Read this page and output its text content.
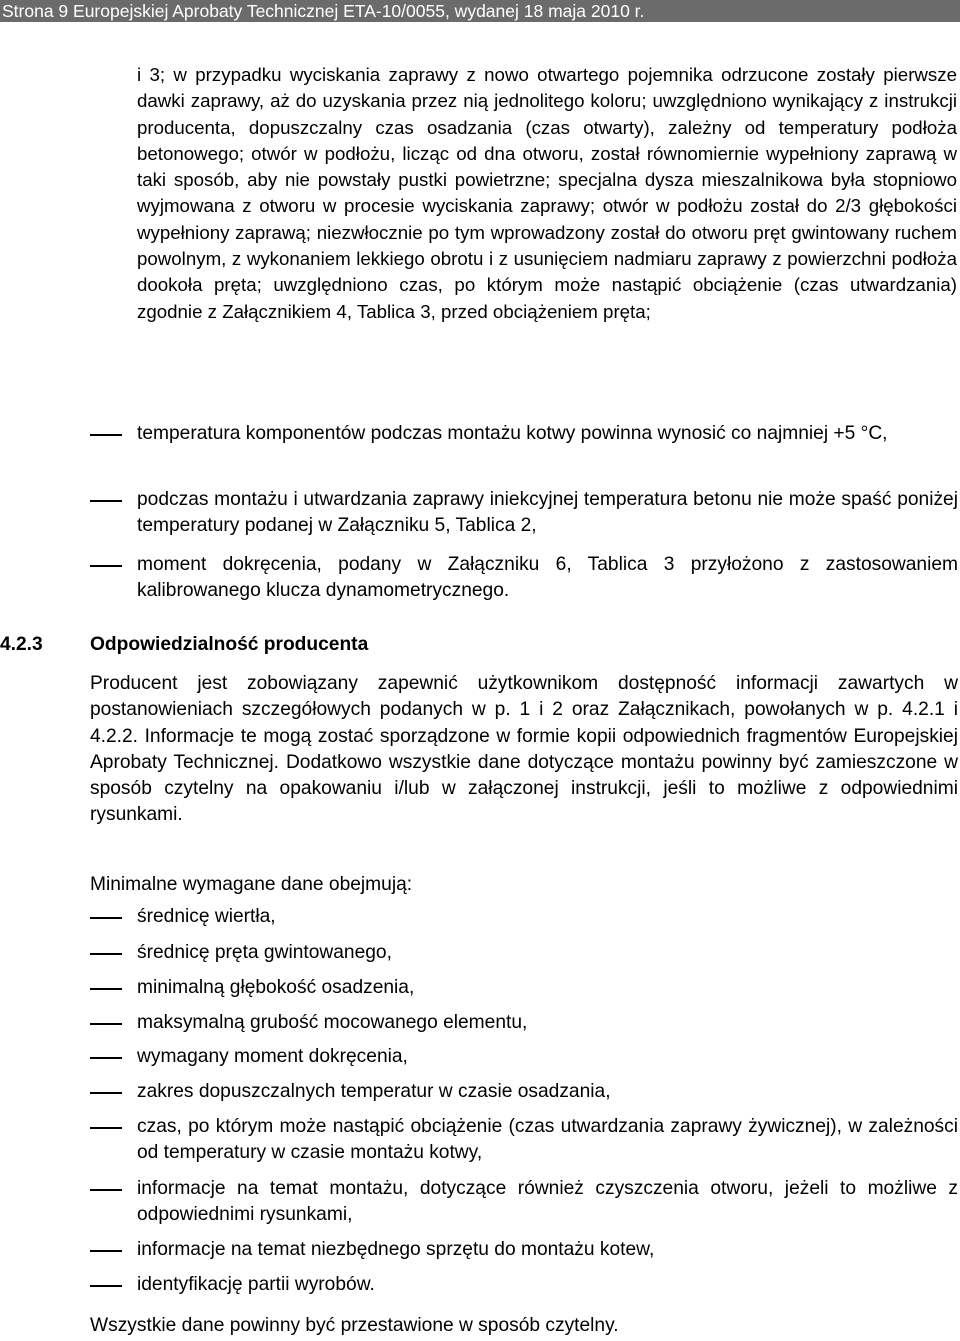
Strona 9 Europejskiej Aprobaty Technicznej ETA-10/0055, wydanej 18 maja 2010 r.

i 3; w przypadku wyciskania zaprawy z nowo otwartego pojemnika odrzucone zostały pierwsze dawki zaprawy, aż do uzyskania przez nią jednolitego koloru; uwzględniono wynikający z instrukcji producenta, dopuszczalny czas osadzania (czas otwarty), zależny od temperatury podłoża betonowego; otwór w podłożu, licząc od dna otworu, został równomiernie wypełniony zaprawą w taki sposób, aby nie powstały pustki powietrzne; specjalna dysza mieszalnikowa była stopniowo wyjmowana z otworu w procesie wyciskania zaprawy; otwór w podłożu został do 2/3 głębokości wypełniony zaprawą; niezwłocznie po tym wprowadzony został do otworu pręt gwintowany ruchem powolnym, z wykonaniem lekkiego obrotu i z usunięciem nadmiaru zaprawy z powierzchni podłoża dookoła pręta; uwzględniono czas, po którym może nastąpić obciążenie (czas utwardzania) zgodnie z Załącznikiem 4, Tablica 3, przed obciążeniem pręta;

temperatura komponentów podczas montażu kotwy powinna wynosić co najmniej +5 °C,
podczas montażu i utwardzania zaprawy iniekcyjnej temperatura betonu nie może spaść poniżej temperatury podanej w Załączniku 5, Tablica 2,
moment dokręcenia, podany w Załączniku 6, Tablica 3 przyłożono z zastosowaniem kalibrowanego klucza dynamometrycznego.
4.2.3 Odpowiedzialność producenta

Producent jest zobowiązany zapewnić użytkownikom dostępność informacji zawartych w postanowieniach szczegółowych podanych w p. 1 i 2 oraz Załącznikach, powołanych w p. 4.2.1 i 4.2.2. Informacje te mogą zostać sporządzone w formie kopii odpowiednich fragmentów Europejskiej Aprobaty Technicznej. Dodatkowo wszystkie dane dotyczące montażu powinny być zamieszczone w sposób czytelny na opakowaniu i/lub w załączonej instrukcji, jeśli to możliwe z odpowiednimi rysunkami.

Minimalne wymagane dane obejmują:

średnicę wiertła,
średnicę pręta gwintowanego,
minimalną głębokość osadzenia,
maksymalną grubość mocowanego elementu,
wymagany moment dokręcenia,
zakres dopuszczalnych temperatur w czasie osadzania,
czas, po którym może nastąpić obciążenie (czas utwardzania zaprawy żywicznej), w zależności od temperatury w czasie montażu kotwy,
informacje na temat montażu, dotyczące również czyszczenia otworu, jeżeli to możliwe z odpowiednimi rysunkami,
informacje na temat niezbędnego sprzętu do montażu kotew,
identyfikację partii wyrobów.

Wszystkie dane powinny być przestawione w sposób czytelny.
